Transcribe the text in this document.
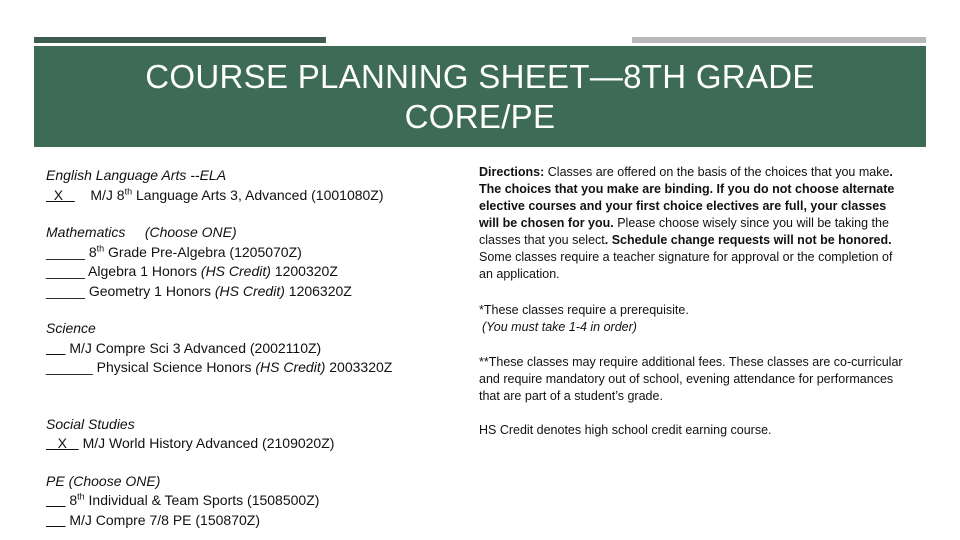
COURSE PLANNING SHEET—8TH GRADE
CORE/PE
English Language Arts --ELA
X       M/J 8th Language Arts 3, Advanced (1001080Z)
Mathematics (Choose ONE)
_____ 8th Grade Pre-Algebra (1205070Z)
_____ Algebra 1 Honors (HS Credit) 1200320Z
_____ Geometry 1 Honors (HS Credit) 1206320Z
Science
M/J Compre Sci 3 Advanced (2002110Z)
______ Physical Science Honors (HS Credit) 2003320Z
Social Studies
X    M/J World History Advanced (2109020Z)
PE (Choose ONE)
8th Individual & Team Sports (1508500Z)
M/J Compre 7/8 PE (150870Z)

Directions: Classes are offered on the basis of the choices that you make. The choices that you make are binding. If you do not choose alternate elective courses and your first choice electives are full, your classes will be chosen for you. Please choose wisely since you will be taking the classes that you select. Schedule change requests will not be honored. Some classes require a teacher signature for approval or the completion of an application.

*These classes require a prerequisite.

(You must take 1-4 in order)

**These classes may require additional fees. These classes are co-curricular and require mandatory out of school, evening attendance for performances that are part of a student’s grade.

HS Credit denotes high school credit earning course.
